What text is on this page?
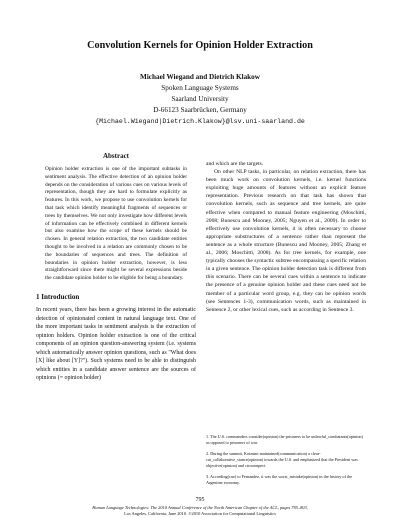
Convolution Kernels for Opinion Holder Extraction
Michael Wiegand and Dietrich Klakow
Spoken Language Systems
Saarland University
D-66123 Saarbrücken, Germany
{Michael.Wiegand|Dietrich.Klakow}@lsv.uni-saarland.de
Abstract
Opinion holder extraction is one of the important subtasks in sentiment analysis. The effective detection of an opinion holder depends on the consideration of various cues on various levels of representation, though they are hard to formulate explicitly as features. In this work, we propose to use convolution kernels for that task which identify meaningful fragments of sequences or trees by themselves. We not only investigate how different levels of information can be effectively combined in different kernels but also examine how the scope of these kernels should be chosen. In general relation extraction, the two candidate entities thought to be involved in a relation are commonly chosen to be the boundaries of sequences and trees. The definition of boundaries in opinion holder extraction, however, is less straightforward since there might be several expressions beside the candidate opinion holder to be eligible for being a boundary.
1 Introduction
In recent years, there has been a growing interest in the automatic detection of opinionated content in natural language text. One of the more important tasks in sentiment analysis is the extraction of opinion holders. Opinion holder extraction is one of the critical components of an opinion question-answering system (i.e. systems which automatically answer opinion questions, such as "What does [X] like about [Y]?"). Such systems need to be able to distinguish which entities in a candidate answer sentence are the sources of opinions (= opinion holder)

and which are the targets.

On other NLP tasks, in particular, on relation extraction, there has been much work on convolution kernels, i.e. kernel functions exploiting huge amounts of features without an explicit feature representation. Previous research on that task has shown that convolution kernels, such as sequence and tree kernels, are quite effective when compared to manual feature engineering (Moschitti, 2008; Bunescu and Mooney, 2005; Nguyen et al., 2009). In order to effectively use convolution kernels, it is often necessary to choose appropriate substructures of a sentence rather than represent the sentence as a whole structure (Bunescu and Mooney, 2005; Zhang et al., 2006; Moschitti, 2008). As for tree kernels, for example, one typically chooses the syntactic subtree encompassing a specific relation in a given sentence. The opinion holder detection task is different from this scenario. There can be several cues within a sentence to indicate the presence of a genuine opinion holder and these cues need not be member of a particular word group, e.g. they can be opinion words (see Sentences 1-3), communication words, such as maintained in Sentence 2, or other lexical cues, such as according in Sentence 3.

1. The U.S. commanders consider(opinion) the prisoners to be unlawful_combatants(opinion) as opposed to prisoners of war.
2. During the summit, Koizumi maintained(communication) a clear-cut_collaborative_stance(opinion) towards the U.S. and emphasized that the President was objective(opinion) and circumspect.
3. According(cue) to Fernandez, it was the worst_mistake(opinion) in the history of the Argentine economy.
795
Human Language Technologies: The 2010 Annual Conference of the North American Chapter of the ACL, pages 795–803,
Los Angeles, California, June 2010. ©2010 Association for Computational Linguistics
